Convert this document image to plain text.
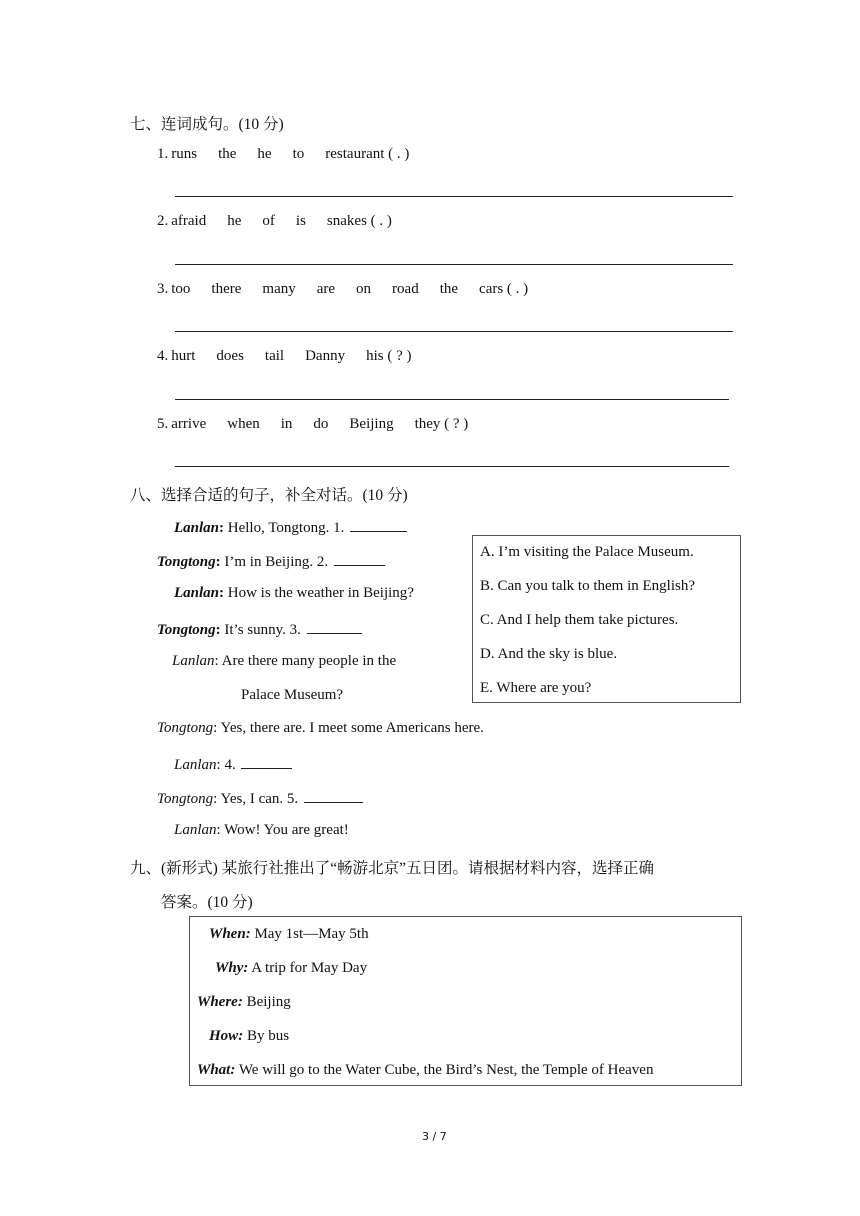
七、连词成句。(10 分)
1. runs the he to restaurant ( . )
2. afraid he of is snakes ( . )
3. too there many are on road the cars ( . )
4. hurt does tail Danny his ( ? )
5. arrive when in do Beijing they ( ? )
八、选择合适的句子，补全对话。(10 分)
Lanlan: Hello, Tongtong. 1.
Tongtong: I’m in Beijing. 2.
Lanlan: How is the weather in Beijing?
Tongtong: It’s sunny. 3.
Lanlan: Are there many people in the
Palace Museum?
Tongtong: Yes, there are. I meet some Americans here.
Lanlan: 4.
Tongtong: Yes, I can. 5.
Lanlan: Wow! You are great!
A. I’m visiting the Palace Museum.
B. Can you talk to them in English?
C. And I help them take pictures.
D. And the sky is blue.
E. Where are you?
九、(新形式) 某旅行社推出了“畅游北京”五日团。请根据材料内容，选择正确
答案。(10 分)
When: May 1st—May 5th
Why: A trip for May Day
Where: Beijing
How: By bus
What: We will go to the Water Cube, the Bird’s Nest, the Temple of Heaven
3 / 7
